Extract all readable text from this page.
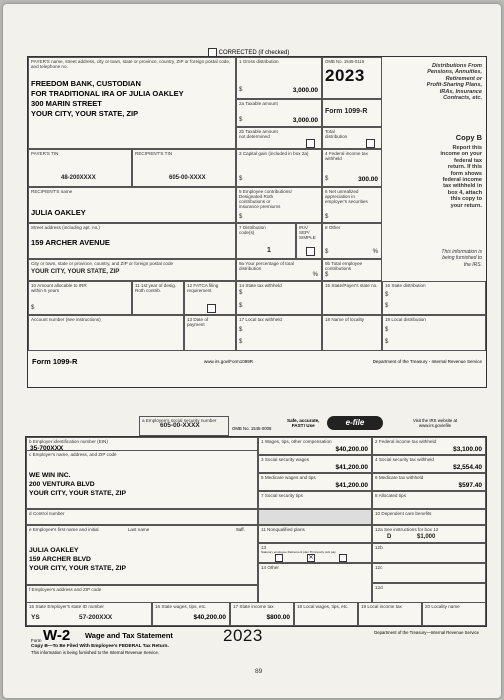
CORRECTED (if checked)
PAYER'S name, street address, city or town, state or province, country, ZIP or foreign postal code, and telephone no.
FREEDOM BANK, CUSTODIAN
FOR TRADITIONAL IRA OF JULIA OAKLEY
300 MARIN STREET
YOUR CITY, YOUR STATE, ZIP
1 Gross distribution
$	3,000.00
2a Taxable amount
$	3,000.00
OMB No. 1545-0119
2023
Form 1099-R
2b Taxable amount
not determined
Total
distribution
Distributions From
Pensions, Annuities,
Retirement or
Profit-Sharing Plans,
IRAs, Insurance
Contracts, etc.
Copy B
Report this
income on your
federal tax
return. If this
form shows
federal income
tax withheld in
box 4, attach
this copy to
your return.
This information is
being furnished to
the IRS.
PAYER'S TIN
48-200XXXX
RECIPIENT'S TIN
605-00-XXXX
3 Capital gain (included in box 2a)
$
4 Federal income tax withheld
$	300.00
RECIPIENT'S name
JULIA OAKLEY
5 Employee contributions/
Designated Roth
contributions or
insurance premiums
$
6 Net unrealized
appreciation in
employer's securities
$
Street address (including apt. no.)
159 ARCHER AVENUE
7 Distribution
code(s)
1
IRA/
SEP/
SIMPLE
8 Other
$	%
City or town, state or province, country, and ZIP or foreign postal code
YOUR CITY, YOUR STATE, ZIP
9a Your percentage of total
distribution
%
9b Total employee contributions
$
10 Amount allocable to IRR
within 5 years
$
11 1st year of desig.
Roth contrib.
12 FATCA filing
requirement
14 State tax withheld
$
$
15 State/Payer's state no.	16 State distribution
$
$
Account number (see instructions)	13 Date of
payment
17 Local tax withheld
$
$
18 Name of locality	19 Local distribution
$
$
Form 1099-R	www.irs.gov/Form1099R	Department of the Treasury - Internal Revenue Service
a Employee's social security number
605-00-XXXX	OMB No. 1545-0008
Safe, accurate,
FAST! Use	e-file	Visit the IRS website at
www.irs.gov/efile
b Employer identification number (EIN)
35-700XXX
c Employer's name, address, and ZIP code
WE WIN INC.
200 VENTURA BLVD
YOUR CITY, YOUR STATE, ZIP
d Control number
e Employee's first name and initial	Last name
JULIA OAKLEY
159 ARCHER BLVD
YOUR CITY, YOUR STATE, ZIP
Suff.
f Employee's address and ZIP code
1 Wages, tips, other compensation
$40,200.00
2 Federal income tax withheld
$3,100.00
3 Social security wages
$41,200.00
4 Social security tax withheld
$2,554.40
5 Medicare wages and tips
$41,200.00
6 Medicare tax withheld
$597.40
7 Social security tips	8 Allocated tips
10 Dependent care benefits
11 Nonqualified plans	12a See instructions for box 12
D	$1,000
13
Statutory employee Retirement plan Third-party sick pay
✕
12b
14 Other	12c
12d
15 State Employer's state ID number
YS	57-200XXX
16 State wages, tips, etc.
$40,200.00
17 State income tax
$800.00
18 Local wages, tips, etc.	19 Local income tax	20 Locality name
Form W-2 Wage and Tax Statement	2023	Department of the Treasury—Internal Revenue Service
Copy B—To Be Filed With Employee's FEDERAL Tax Return.
This information is being furnished to the Internal Revenue Service.
89
